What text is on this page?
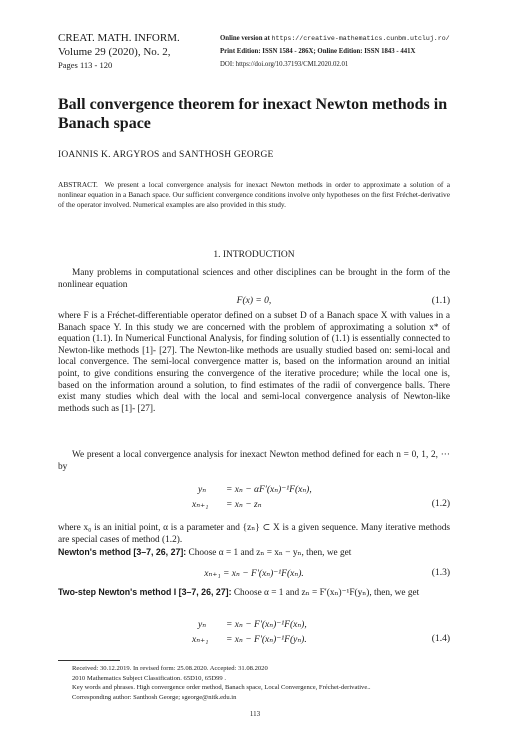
CREAT. MATH. INFORM.
Volume 29 (2020), No. 2,
Pages 113 - 120
Online version at https://creative-mathematics.cunbm.utcluj.ro/
Print Edition: ISSN 1584 - 286X; Online Edition: ISSN 1843 - 441X
DOI: https://doi.org/10.37193/CMI.2020.02.01
Ball convergence theorem for inexact Newton methods in Banach space
IOANNIS K. ARGYROS and SANTHOSH GEORGE
ABSTRACT. We present a local convergence analysis for inexact Newton methods in order to approximate a solution of a nonlinear equation in a Banach space. Our sufficient convergence conditions involve only hypotheses on the first Fréchet-derivative of the operator involved. Numerical examples are also provided in this study.
1. INTRODUCTION
Many problems in computational sciences and other disciplines can be brought in the form of the nonlinear equation
F(x) = 0,	(1.1)
where F is a Fréchet-differentiable operator defined on a subset D of a Banach space X with values in a Banach space Y. In this study we are concerned with the problem of approximating a solution x* of equation (1.1). In Numerical Functional Analysis, for finding solution of (1.1) is essentially connected to Newton-like methods [1]- [27]. The Newton-like methods are usually studied based on: semi-local and local convergence. The semi-local convergence matter is, based on the information around an initial point, to give conditions ensuring the convergence of the iterative procedure; while the local one is, based on the information around a solution, to find estimates of the radii of convergence balls. There exist many studies which deal with the local and semi-local convergence analysis of Newton-like methods such as [1]- [27].
We present a local convergence analysis for inexact Newton method defined for each n = 0, 1, 2, ··· by
yₙ = xₙ − αF′(xₙ)⁻¹F(xₙ),
xₙ₊₁ = xₙ − zₙ	(1.2)
where x₀ is an initial point, α is a parameter and {zₙ} ⊂ X is a given sequence. Many iterative methods are special cases of method (1.2).
Newton's method [3–7, 26, 27]: Choose α = 1 and zₙ = xₙ − yₙ, then, we get
xₙ₊₁ = xₙ − F′(xₙ)⁻¹F(xₙ).	(1.3)
Two-step Newton's method I [3–7, 26, 27]: Choose α = 1 and zₙ = F′(xₙ)⁻¹F(yₙ), then, we get
yₙ = xₙ − F′(xₙ)⁻¹F(xₙ),
xₙ₊₁ = xₙ − F′(xₙ)⁻¹F(yₙ).	(1.4)
Received: 30.12.2019. In revised form: 25.08.2020. Accepted: 31.08.2020
2010 Mathematics Subject Classification. 65D10, 65D99 .
Key words and phrases. High convergence order method, Banach space, Local Convergence, Fréchet-derivative..
Corresponding author: Santhosh George; sgeorge@nitk.edu.in
113
